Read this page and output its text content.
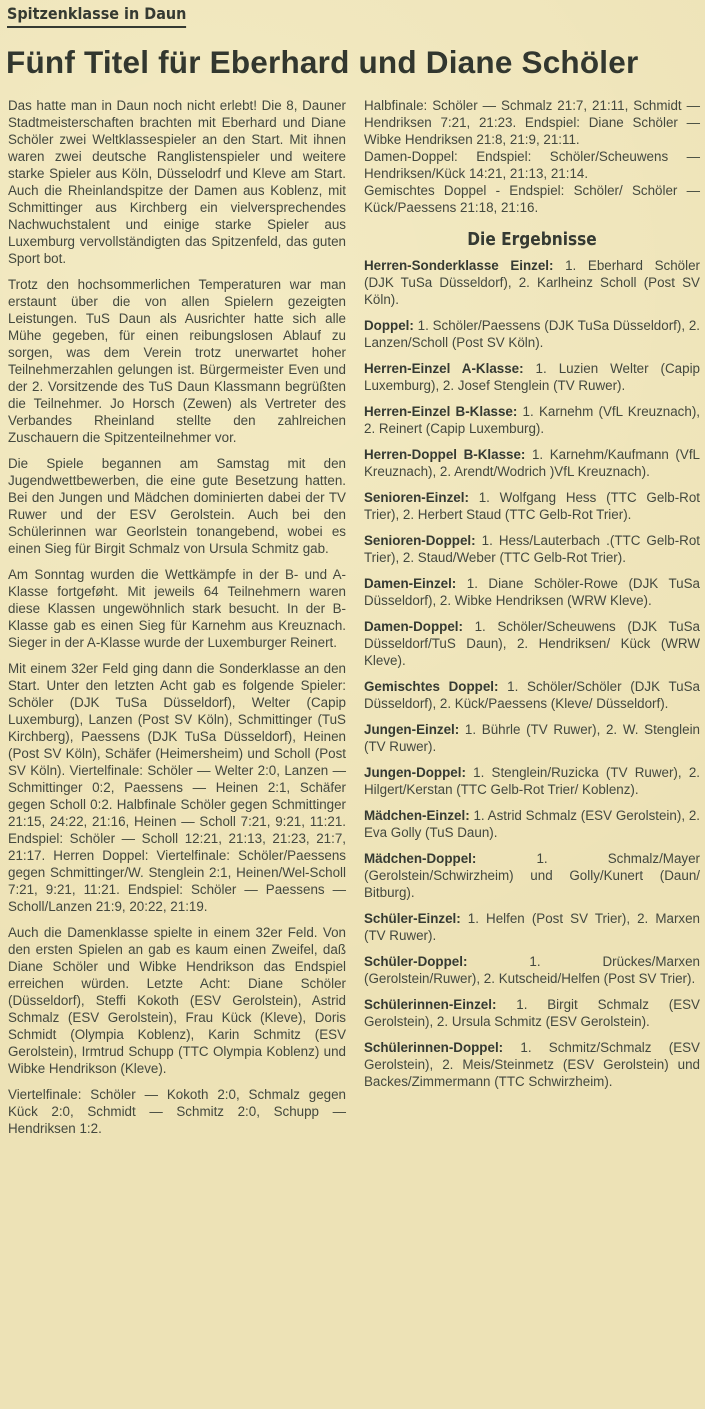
Spitzenklasse in Daun
Fünf Titel für Eberhard und Diane Schöler

Das hatte man in Daun noch nicht erlebt! Die 8, Dauner Stadtmeisterschaften brachten mit Eberhard und Diane Schöler zwei Weltklassespieler an den Start. Mit ihnen waren zwei deutsche Ranglistenspieler und weitere starke Spieler aus Köln, Düsselodrf und Kleve am Start. Auch die Rheinlandspitze der Damen aus Koblenz, mit Schmittinger aus Kirchberg ein vielversprechendes Nachwuchstalent und einige starke Spieler aus Luxemburg vervollständigten das Spitzenfeld, das guten Sport bot.

Trotz den hochsommerlichen Temperaturen war man erstaunt über die von allen Spielern gezeigten Leistungen. TuS Daun als Ausrichter hatte sich alle Mühe gegeben, für einen reibungslosen Ablauf zu sorgen, was dem Verein trotz unerwartet hoher Teilnehmerzahlen gelungen ist. Bürgermeister Even und der 2. Vorsitzende des TuS Daun Klassmann begrüßten die Teilnehmer. Jo Horsch (Zewen) als Vertreter des Verbandes Rheinland stellte den zahlreichen Zuschauern die Spitzenteilnehmer vor.

Die Spiele begannen am Samstag mit den Jugendwettbewerben, die eine gute Besetzung hatten. Bei den Jungen und Mädchen dominierten dabei der TV Ruwer und der ESV Gerolstein. Auch bei den Schülerinnen war Georlstein tonangebend, wobei es einen Sieg für Birgit Schmalz von Ursula Schmitz gab.

Am Sonntag wurden die Wettkämpfe in der B- und A-Klasse fortgeføht. Mit jeweils 64 Teilnehmern waren diese Klassen ungewöhnlich stark besucht. In der B-Klasse gab es einen Sieg für Karnehm aus Kreuznach. Sieger in der A-Klasse wurde der Luxemburger Reinert.

Mit einem 32er Feld ging dann die Sonderklasse an den Start. Unter den letzten Acht gab es folgende Spieler: Schöler (DJK TuSa Düsseldorf), Welter (Capip Luxemburg), Lanzen (Post SV Köln), Schmittinger (TuS Kirchberg), Paessens (DJK TuSa Düsseldorf), Heinen (Post SV Köln), Schäfer (Heimersheim) und Scholl (Post SV Köln). Viertelfinale: Schöler — Welter 2:0, Lanzen — Schmittinger 0:2, Paessens — Heinen 2:1, Schäfer gegen Scholl 0:2. Halbfinale Schöler gegen Schmittinger 21:15, 24:22, 21:16, Heinen — Scholl 7:21, 9:21, 11:21. Endspiel: Schöler — Scholl 12:21, 21:13, 21:23, 21:7, 21:17. Herren Doppel: Viertelfinale: Schöler/Paessens gegen Schmittinger/W. Stenglein 2:1, Heinen/Wel-Scholl 7:21, 9:21, 11:21. Endspiel: Schöler — Paessens — Scholl/Lanzen 21:9, 20:22, 21:19.

Auch die Damenklasse spielte in einem 32er Feld. Von den ersten Spielen an gab es kaum einen Zweifel, daß Diane Schöler und Wibke Hendrikson das Endspiel erreichen würden. Letzte Acht: Diane Schöler (Düsseldorf), Steffi Kokoth (ESV Gerolstein), Astrid Schmalz (ESV Gerolstein), Frau Kück (Kleve), Doris Schmidt (Olympia Koblenz), Karin Schmitz (ESV Gerolstein), Irmtrud Schupp (TTC Olympia Koblenz) und Wibke Hendrikson (Kleve).

Viertelfinale: Schöler — Kokoth 2:0, Schmalz gegen Kück 2:0, Schmidt — Schmitz 2:0, Schupp — Hendriksen 1:2.

Halbfinale: Schöler — Schmalz 21:7, 21:11, Schmidt — Hendriksen 7:21, 21:23. Endspiel: Diane Schöler — Wibke Hendriksen 21:8, 21:9, 21:11.
Damen-Doppel: Endspiel: Schöler/Scheuwens — Hendriksen/Kück 14:21, 21:13, 21:14.
Gemischtes Doppel - Endspiel: Schöler/ Schöler — Kück/Paessens 21:18, 21:16.
Die Ergebnisse

Herren-Sonderklasse Einzel: 1. Eberhard Schöler (DJK TuSa Düsseldorf), 2. Karlheinz Scholl (Post SV Köln).

Doppel: 1. Schöler/Paessens (DJK TuSa Düsseldorf), 2. Lanzen/Scholl (Post SV Köln).

Herren-Einzel A-Klasse: 1. Luzien Welter (Capip Luxemburg), 2. Josef Stenglein (TV Ruwer).

Herren-Einzel B-Klasse: 1. Karnehm (VfL Kreuznach), 2. Reinert (Capip Luxemburg).

Herren-Doppel B-Klasse: 1. Karnehm/Kaufmann (VfL Kreuznach), 2. Arendt/Wodrich )VfL Kreuznach).

Senioren-Einzel: 1. Wolfgang Hess (TTC Gelb-Rot Trier), 2. Herbert Staud (TTC Gelb-Rot Trier).

Senioren-Doppel: 1. Hess/Lauterbach .(TTC Gelb-Rot Trier), 2. Staud/Weber (TTC Gelb-Rot Trier).

Damen-Einzel: 1. Diane Schöler-Rowe (DJK TuSa Düsseldorf), 2. Wibke Hendriksen (WRW Kleve).

Damen-Doppel: 1. Schöler/Scheuwens (DJK TuSa Düsseldorf/TuS Daun), 2. Hendriksen/ Kück (WRW Kleve).

Gemischtes Doppel: 1. Schöler/Schöler (DJK TuSa Düsseldorf), 2. Kück/Paessens (Kleve/ Düsseldorf).

Jungen-Einzel: 1. Bührle (TV Ruwer), 2. W. Stenglein (TV Ruwer).

Jungen-Doppel: 1. Stenglein/Ruzicka (TV Ruwer), 2. Hilgert/Kerstan (TTC Gelb-Rot Trier/ Koblenz).

Mädchen-Einzel: 1. Astrid Schmalz (ESV Gerolstein), 2. Eva Golly (TuS Daun).

Mädchen-Doppel: 1. Schmalz/Mayer (Gerolstein/Schwirzheim) und Golly/Kunert (Daun/ Bitburg).

Schüler-Einzel: 1. Helfen (Post SV Trier), 2. Marxen (TV Ruwer).

Schüler-Doppel: 1. Drückes/Marxen (Gerolstein/Ruwer), 2. Kutscheid/Helfen (Post SV Trier).

Schülerinnen-Einzel: 1. Birgit Schmalz (ESV Gerolstein), 2. Ursula Schmitz (ESV Gerolstein).

Schülerinnen-Doppel: 1. Schmitz/Schmalz (ESV Gerolstein), 2. Meis/Steinmetz (ESV Gerolstein) und Backes/Zimmermann (TTC Schwirzheim).
